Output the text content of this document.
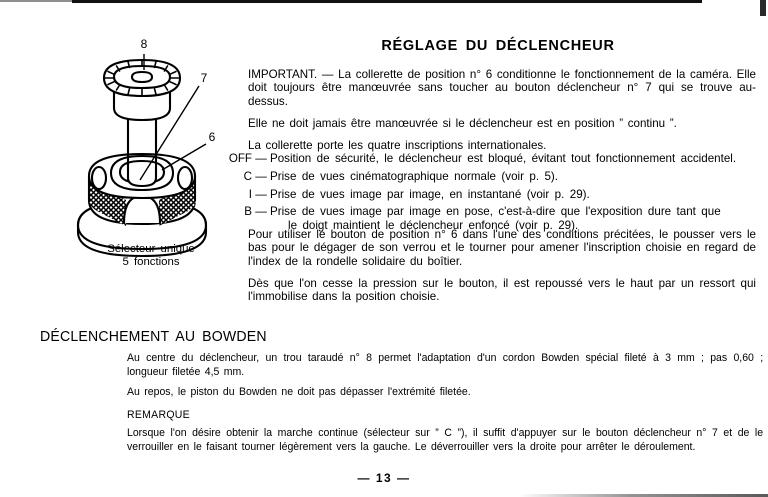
8
7
6
Sélecteur unique
5 fonctions
RÉGLAGE DU DÉCLENCHEUR

IMPORTANT. — La collerette de position n° 6 conditionne le fonctionnement de la caméra. Elle doit toujours être manœuvrée sans toucher au bouton déclencheur n° 7 qui se trouve au-dessus.

Elle ne doit jamais être manœuvrée si le déclencheur est en position ” continu ”.

La collerette porte les quatre inscriptions internationales.

OFF — Position de sécurité, le déclencheur est bloqué, évitant tout fonctionnement accidentel.
C — Prise de vues cinématographique normale (voir p. 5).
I — Prise de vues image par image, en instantané (voir p. 29).
B — Prise de vues image par image en pose, c'est-à-dire que l'exposition dure tant que
le doigt maintient le déclencheur enfoncé (voir p. 29).

Pour utiliser le bouton de position n° 6 dans l'une des conditions précitées, le pousser vers le bas pour le dégager de son verrou et le tourner pour amener l'inscription choisie en regard de l'index de la rondelle solidaire du boîtier.

Dès que l'on cesse la pression sur le bouton, il est repoussé vers le haut par un ressort qui l'immobilise dans la position choisie.

DÉCLENCHEMENT AU BOWDEN

Au centre du déclencheur, un trou taraudé n° 8 permet l'adaptation d'un cordon Bowden spécial fileté à 3 mm ; pas 0,60 ; longueur filetée 4,5 mm.

Au repos, le piston du Bowden ne doit pas dépasser l'extrémité filetée.

REMARQUE

Lorsque l'on désire obtenir la marche continue (sélecteur sur ” C ”), il suffit d'appuyer sur le bouton déclencheur n° 7 et de le verrouiller en le faisant tourner légèrement vers la gauche. Le déverrouiller vers la droite pour arrêter le déroulement.

— 13 —
